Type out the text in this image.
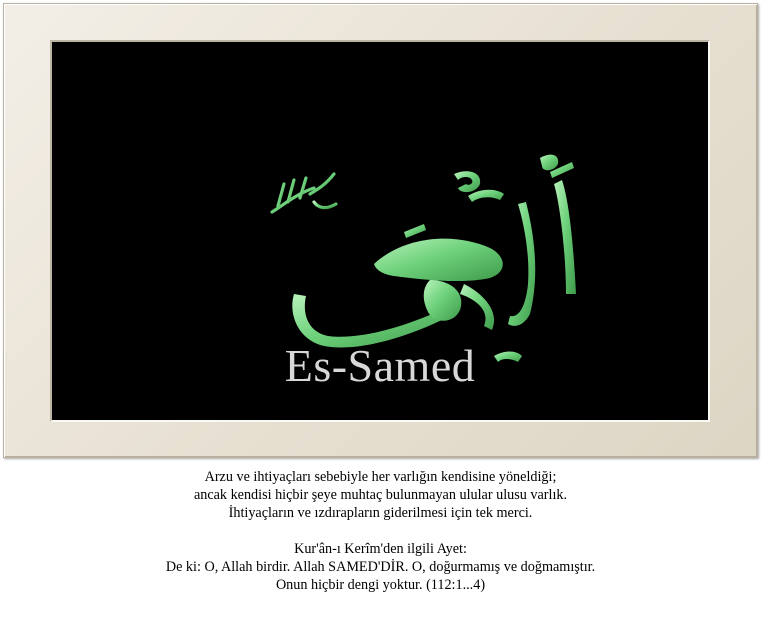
Es-Samed

Arzu ve ihtiyaçları sebebiyle her varlığın kendisine yöneldiği;

ancak kendisi hiçbir şeye muhtaç bulunmayan ulular ulusu varlık.

İhtiyaçların ve ızdırapların giderilmesi için tek merci.

Kur'ân-ı Kerîm'den ilgili Ayet:

De ki: O, Allah birdir. Allah SAMED'DİR. O, doğurmamış ve doğmamıştır.

Onun hiçbir dengi yoktur. (112:1...4)
